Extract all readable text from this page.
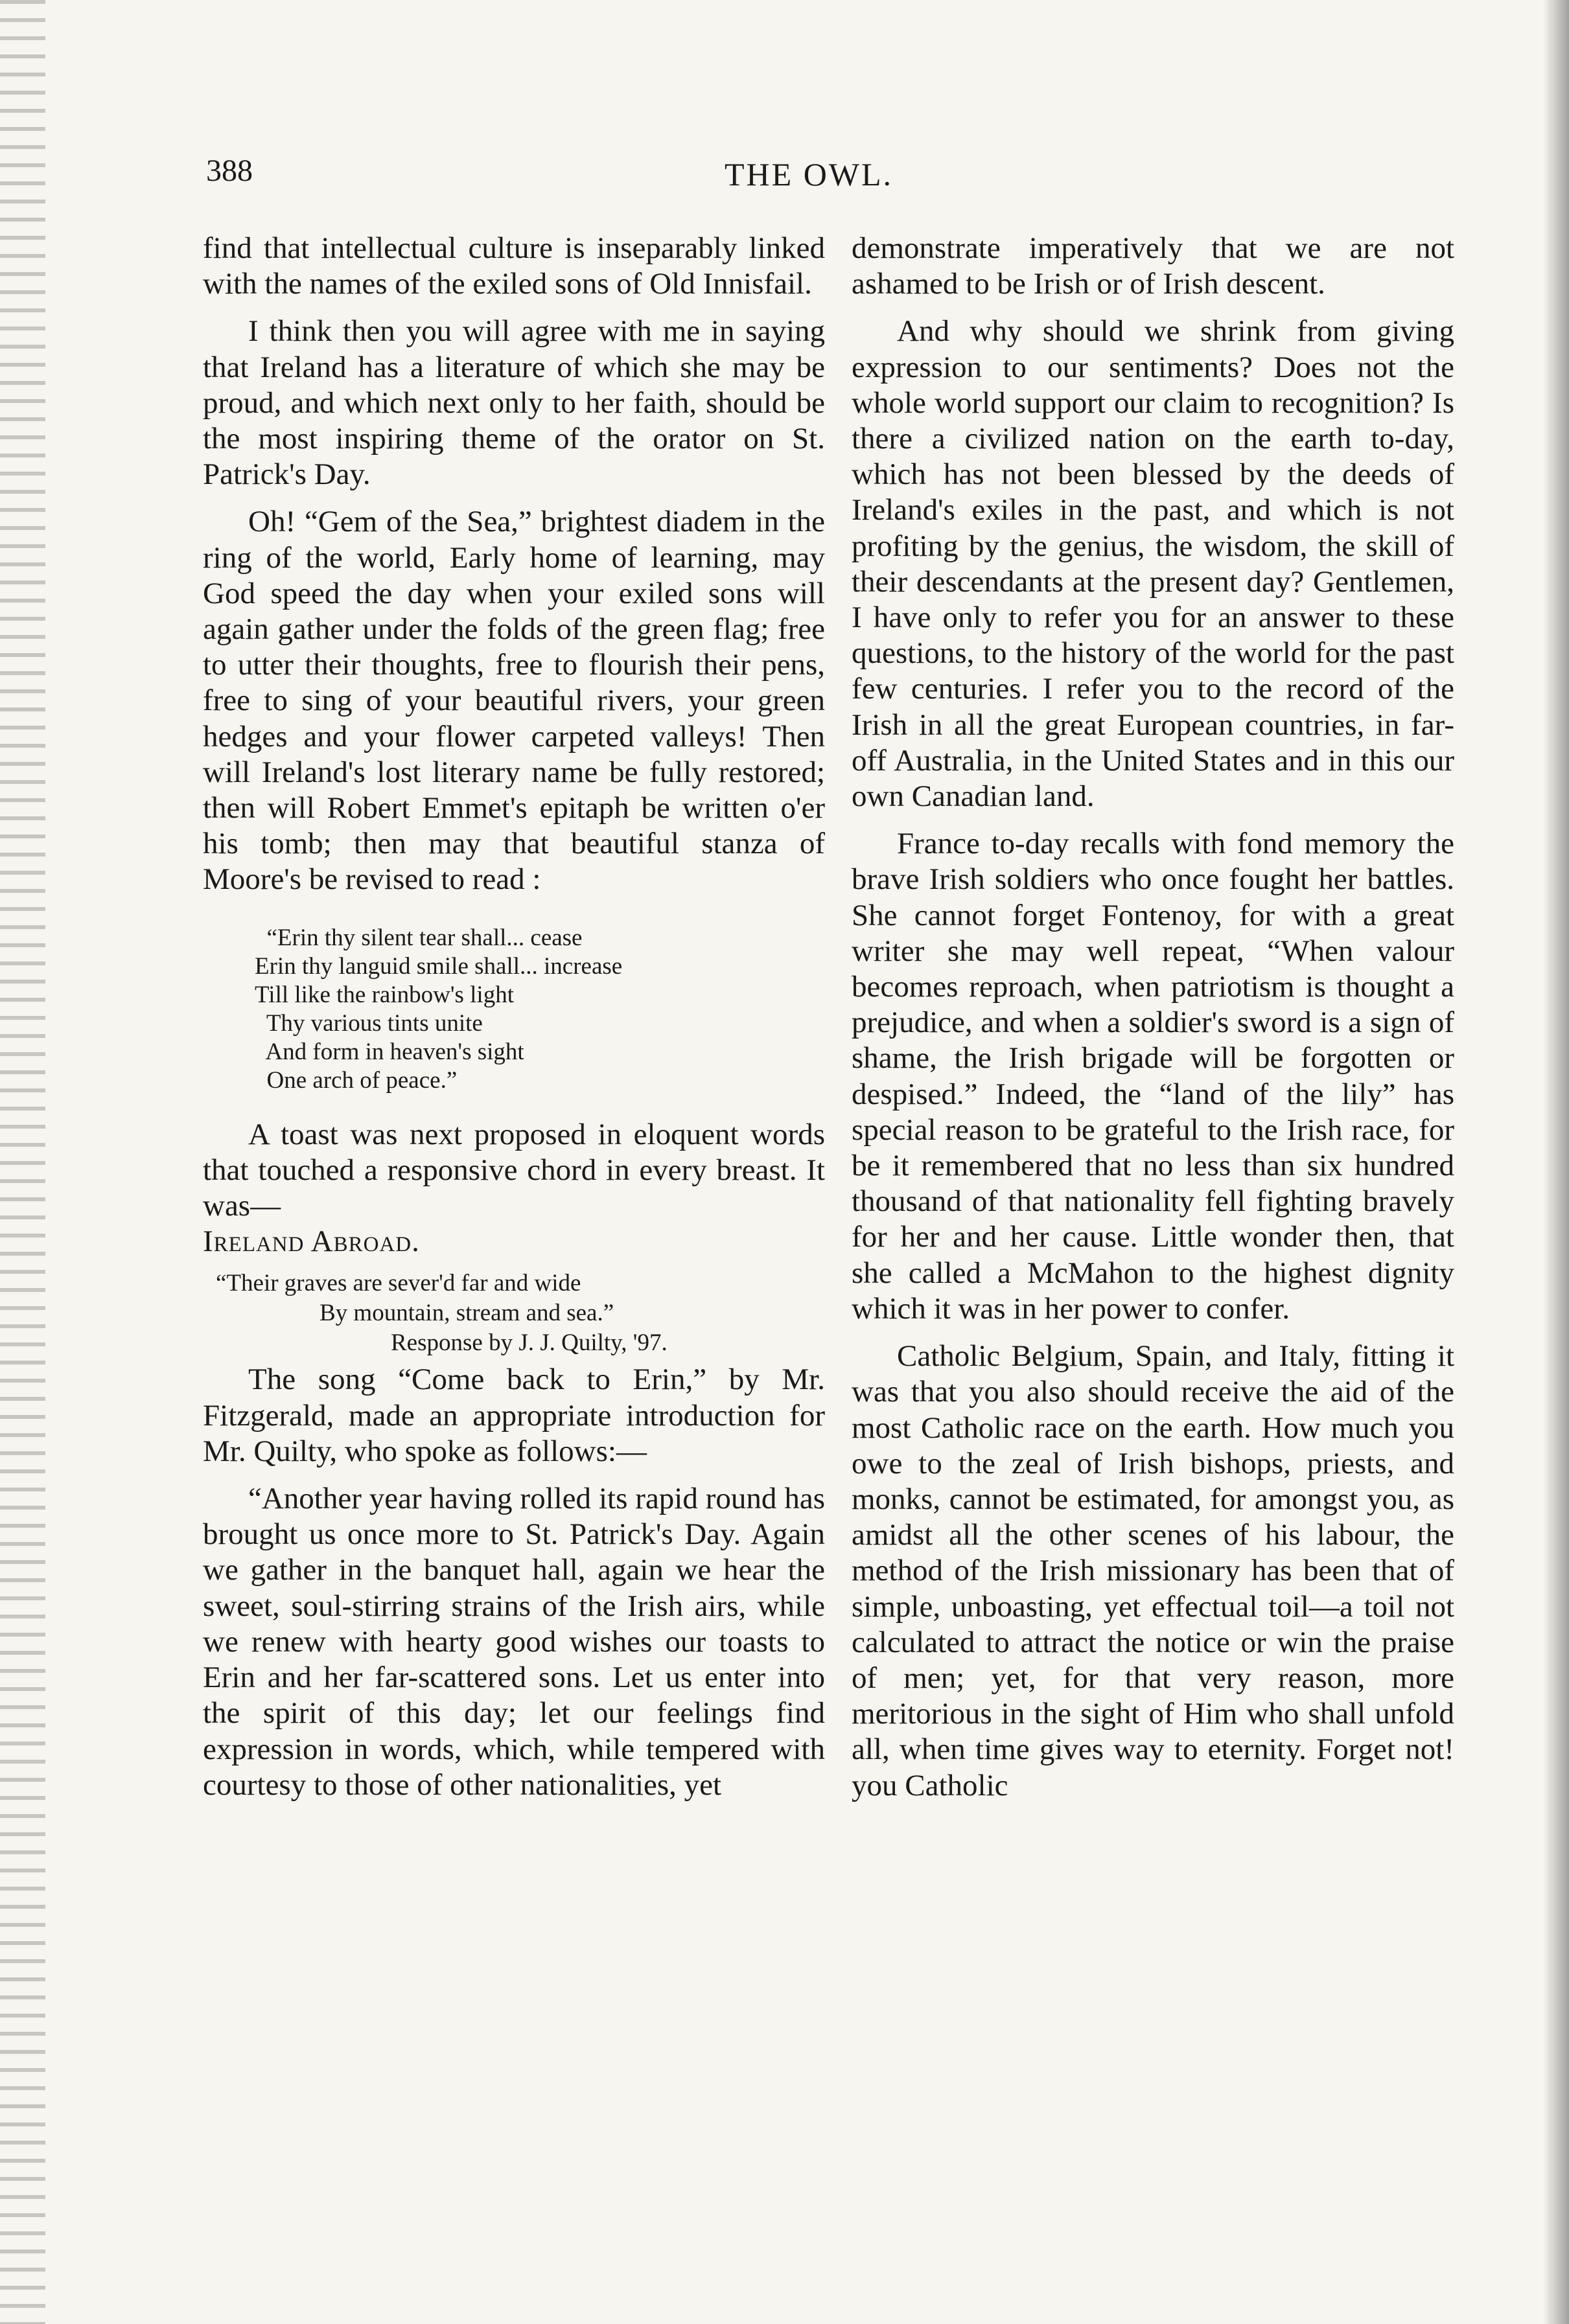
388	THE OWL.

find that intellectual culture is inseparably linked with the names of the exiled sons of Old Innisfail.

I think then you will agree with me in saying that Ireland has a literature of which she may be proud, and which next only to her faith, should be the most inspiring theme of the orator on St. Patrick's Day.

Oh! “Gem of the Sea,” brightest diadem in the ring of the world, Early home of learning, may God speed the day when your exiled sons will again gather under the folds of the green flag; free to utter their thoughts, free to flourish their pens, free to sing of your beautiful rivers, your green hedges and your flower carpeted valleys! Then will Ireland's lost literary name be fully restored; then will Robert Emmet's epitaph be written o'er his tomb; then may that beautiful stanza of Moore's be revised to read :

“Erin thy silent tear shall... cease
Erin thy languid smile shall... increase
Till like the rainbow's light
Thy various tints unite
And form in heaven's sight
One arch of peace.”

A toast was next proposed in eloquent words that touched a responsive chord in every breast. It was—

Ireland Abroad.
“Their graves are sever'd far and wide
By mountain, stream and sea.”
Response by J. J. Quilty, '97.

The song “Come back to Erin,” by Mr. Fitzgerald, made an appropriate introduction for Mr. Quilty, who spoke as follows:—

“Another year having rolled its rapid round has brought us once more to St. Patrick's Day. Again we gather in the banquet hall, again we hear the sweet, soul-stirring strains of the Irish airs, while we renew with hearty good wishes our toasts to Erin and her far-scattered sons. Let us enter into the spirit of this day; let our feelings find expression in words, which, while tempered with courtesy to those of other nationalities, yet

demonstrate imperatively that we are not ashamed to be Irish or of Irish descent.

And why should we shrink from giving expression to our sentiments? Does not the whole world support our claim to recognition? Is there a civilized nation on the earth to-day, which has not been blessed by the deeds of Ireland's exiles in the past, and which is not profiting by the genius, the wisdom, the skill of their descendants at the present day? Gentlemen, I have only to refer you for an answer to these questions, to the history of the world for the past few centuries. I refer you to the record of the Irish in all the great European countries, in far-off Australia, in the United States and in this our own Canadian land.

France to-day recalls with fond memory the brave Irish soldiers who once fought her battles. She cannot forget Fontenoy, for with a great writer she may well repeat, “When valour becomes reproach, when patriotism is thought a prejudice, and when a soldier's sword is a sign of shame, the Irish brigade will be forgotten or despised.” Indeed, the “land of the lily” has special reason to be grateful to the Irish race, for be it remembered that no less than six hundred thousand of that nationality fell fighting bravely for her and her cause. Little wonder then, that she called a McMahon to the highest dignity which it was in her power to confer.

Catholic Belgium, Spain, and Italy, fitting it was that you also should receive the aid of the most Catholic race on the earth. How much you owe to the zeal of Irish bishops, priests, and monks, cannot be estimated, for amongst you, as amidst all the other scenes of his labour, the method of the Irish missionary has been that of simple, unboasting, yet effectual toil—a toil not calculated to attract the notice or win the praise of men; yet, for that very reason, more meritorious in the sight of Him who shall unfold all, when time gives way to eternity. Forget not! you Catholic
